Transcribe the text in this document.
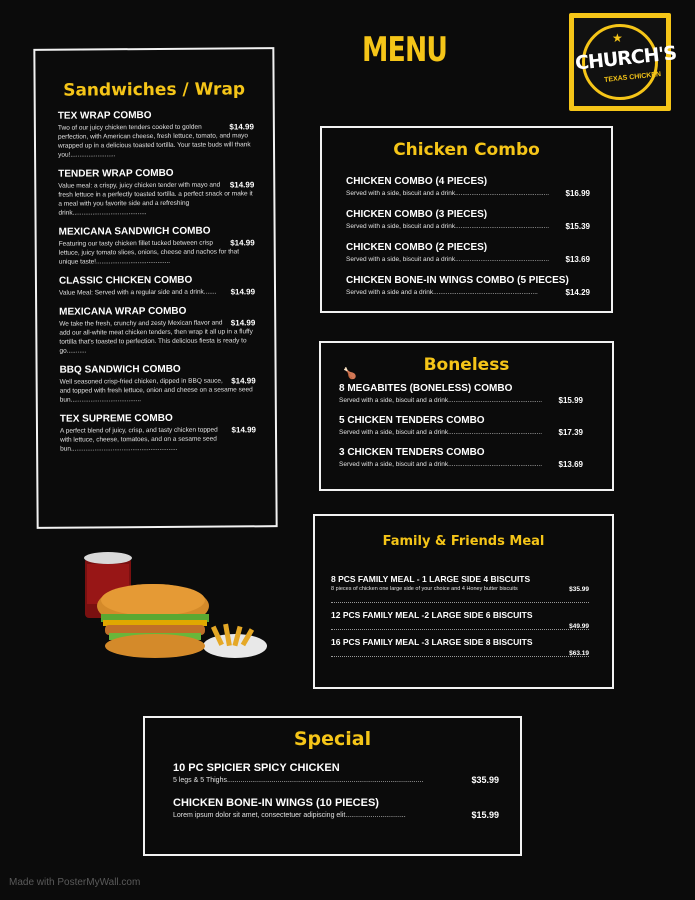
MENU	★
CHURCH'S
TEXAS CHICKEN
Sandwiches / Wrap

TEX WRAP COMBO

$14.99
Two of our juicy chicken tenders cooked to golden perfection, with American cheese, fresh lettuce, tomato, and mayo wrapped up in a delicious toasted tortilla. Your taste buds will thank you!.........................

TENDER WRAP COMBO

$14.99
Value meal: a crispy, juicy chicken tender with mayo and fresh lettuce in a perfectly toasted tortilla. a perfect snack or make it a meal with you favorite side and a refreshing drink.........................................

MEXICANA SANDWICH COMBO

$14.99
Featuring our tasty chicken fillet tucked between crisp lettuce, juicy tomato slices, onions, cheese and nachos for that unique taste!.........................................

CLASSIC CHICKEN COMBO

$14.99
Value Meal: Served with a regular side and a drink.......

MEXICANA WRAP COMBO

$14.99
We take the fresh, crunchy and zesty Mexican flavor and add our all-white meat chicken tenders, then wrap it all up in a fluffy tortilla that's toasted to perfection. This delicious fiesta is ready to go...........

BBQ SANDWICH COMBO

$14.99
Well seasoned crisp-fried chicken, dipped in BBQ sauce, and topped with fresh lettuce, onion and cheese on a sesame seed bun.......................................

TEX SUPREME COMBO

$14.99
A perfect blend of juicy, crisp, and tasty chicken topped with lettuce, cheese, tomatoes, and on a sesame seed bun...........................................................

Chicken Combo

CHICKEN COMBO (4 PIECES)

$16.99
Served with a side, biscuit and a drink....................................................

CHICKEN COMBO (3 PIECES)

$15.39
Served with a side, biscuit and a drink....................................................

CHICKEN COMBO (2 PIECES)

$13.69
Served with a side, biscuit and a drink....................................................

CHICKEN BONE-IN WINGS COMBO (5 PIECES)

$14.29
Served with a side and a drink..........................................................

🍗	Boneless

8 MEGABITES (BONELESS) COMBO

$15.99
Served with a side, biscuit and a drink....................................................

5 CHICKEN TENDERS COMBO

$17.39
Served with a side, biscuit and a drink....................................................

3 CHICKEN TENDERS COMBO

$13.69
Served with a side, biscuit and a drink....................................................

Family & Friends Meal

8 PCS FAMILY MEAL - 1 LARGE SIDE 4 BISCUITS

$35.99
8 pieces of chicken one large side of your choice and 4 Honey butter biscuits

12 PCS FAMILY MEAL -2 LARGE SIDE 6 BISCUITS

$49.99

16 PCS FAMILY MEAL -3 LARGE SIDE 8 BISCUITS

$63.19

Special

10 PC SPICIER SPICY CHICKEN

$35.99
5 legs & 5 Thighs.....................................................................................................

CHICKEN BONE-IN WINGS (10 PIECES)

$15.99
Lorem ipsum dolor sit amet, consectetuer adipiscing elit...............................

Made with PosterMyWall.com
